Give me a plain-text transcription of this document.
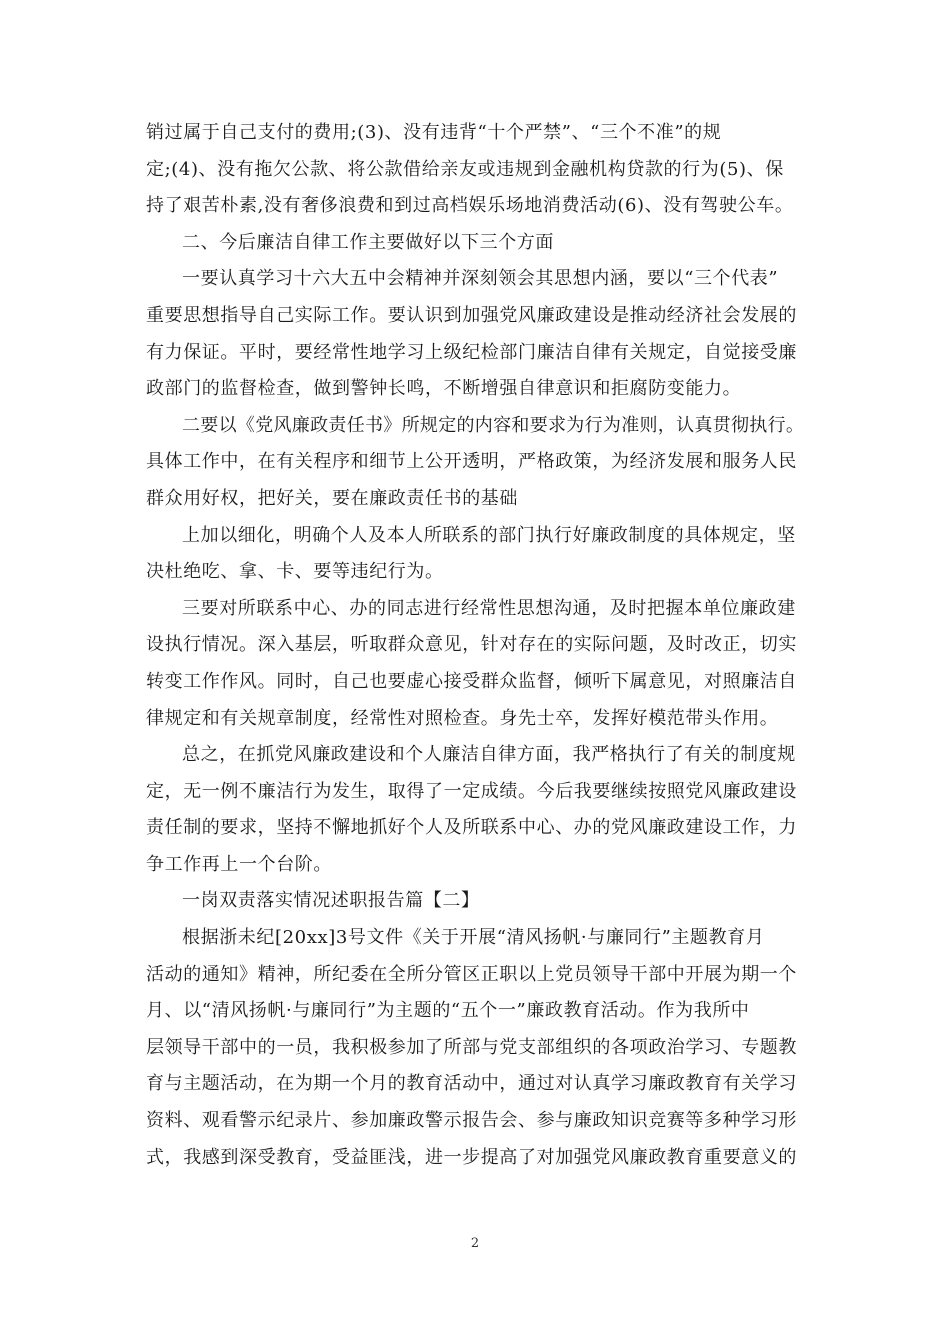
销过属于自己支付的费用;(3)、没有违背“十个严禁”、“三个不准”的规
定;(4)、没有拖欠公款、将公款借给亲友或违规到金融机构贷款的行为(5)、保
持了艰苦朴素,没有奢侈浪费和到过高档娱乐场地消费活动(6)、没有驾驶公车。
二、今后廉洁自律工作主要做好以下三个方面
一要认真学习十六大五中会精神并深刻领会其思想内涵，要以“三个代表”
重要思想指导自己实际工作。要认识到加强党风廉政建设是推动经济社会发展的
有力保证。平时，要经常性地学习上级纪检部门廉洁自律有关规定，自觉接受廉
政部门的监督检查，做到警钟长鸣，不断增强自律意识和拒腐防变能力。
二要以《党风廉政责任书》所规定的内容和要求为行为准则，认真贯彻执行。
具体工作中，在有关程序和细节上公开透明，严格政策，为经济发展和服务人民
群众用好权，把好关，要在廉政责任书的基础
上加以细化，明确个人及本人所联系的部门执行好廉政制度的具体规定，坚
决杜绝吃、拿、卡、要等违纪行为。
三要对所联系中心、办的同志进行经常性思想沟通，及时把握本单位廉政建
设执行情况。深入基层，听取群众意见，针对存在的实际问题，及时改正，切实
转变工作作风。同时，自己也要虚心接受群众监督，倾听下属意见，对照廉洁自
律规定和有关规章制度，经常性对照检查。身先士卒，发挥好模范带头作用。
总之，在抓党风廉政建设和个人廉洁自律方面，我严格执行了有关的制度规
定，无一例不廉洁行为发生，取得了一定成绩。今后我要继续按照党风廉政建设
责任制的要求，坚持不懈地抓好个人及所联系中心、办的党风廉政建设工作，力
争工作再上一个台阶。
一岗双责落实情况述职报告篇【二】
根据浙未纪[20xx]3号文件《关于开展“清风扬帆·与廉同行”主题教育月
活动的通知》精神，所纪委在全所分管区正职以上党员领导干部中开展为期一个
月、以“清风扬帆·与廉同行”为主题的“五个一”廉政教育活动。作为我所中
层领导干部中的一员，我积极参加了所部与党支部组织的各项政治学习、专题教
育与主题活动，在为期一个月的教育活动中，通过对认真学习廉政教育有关学习
资料、观看警示纪录片、参加廉政警示报告会、参与廉政知识竞赛等多种学习形
式，我感到深受教育，受益匪浅，进一步提高了对加强党风廉政教育重要意义的
2
